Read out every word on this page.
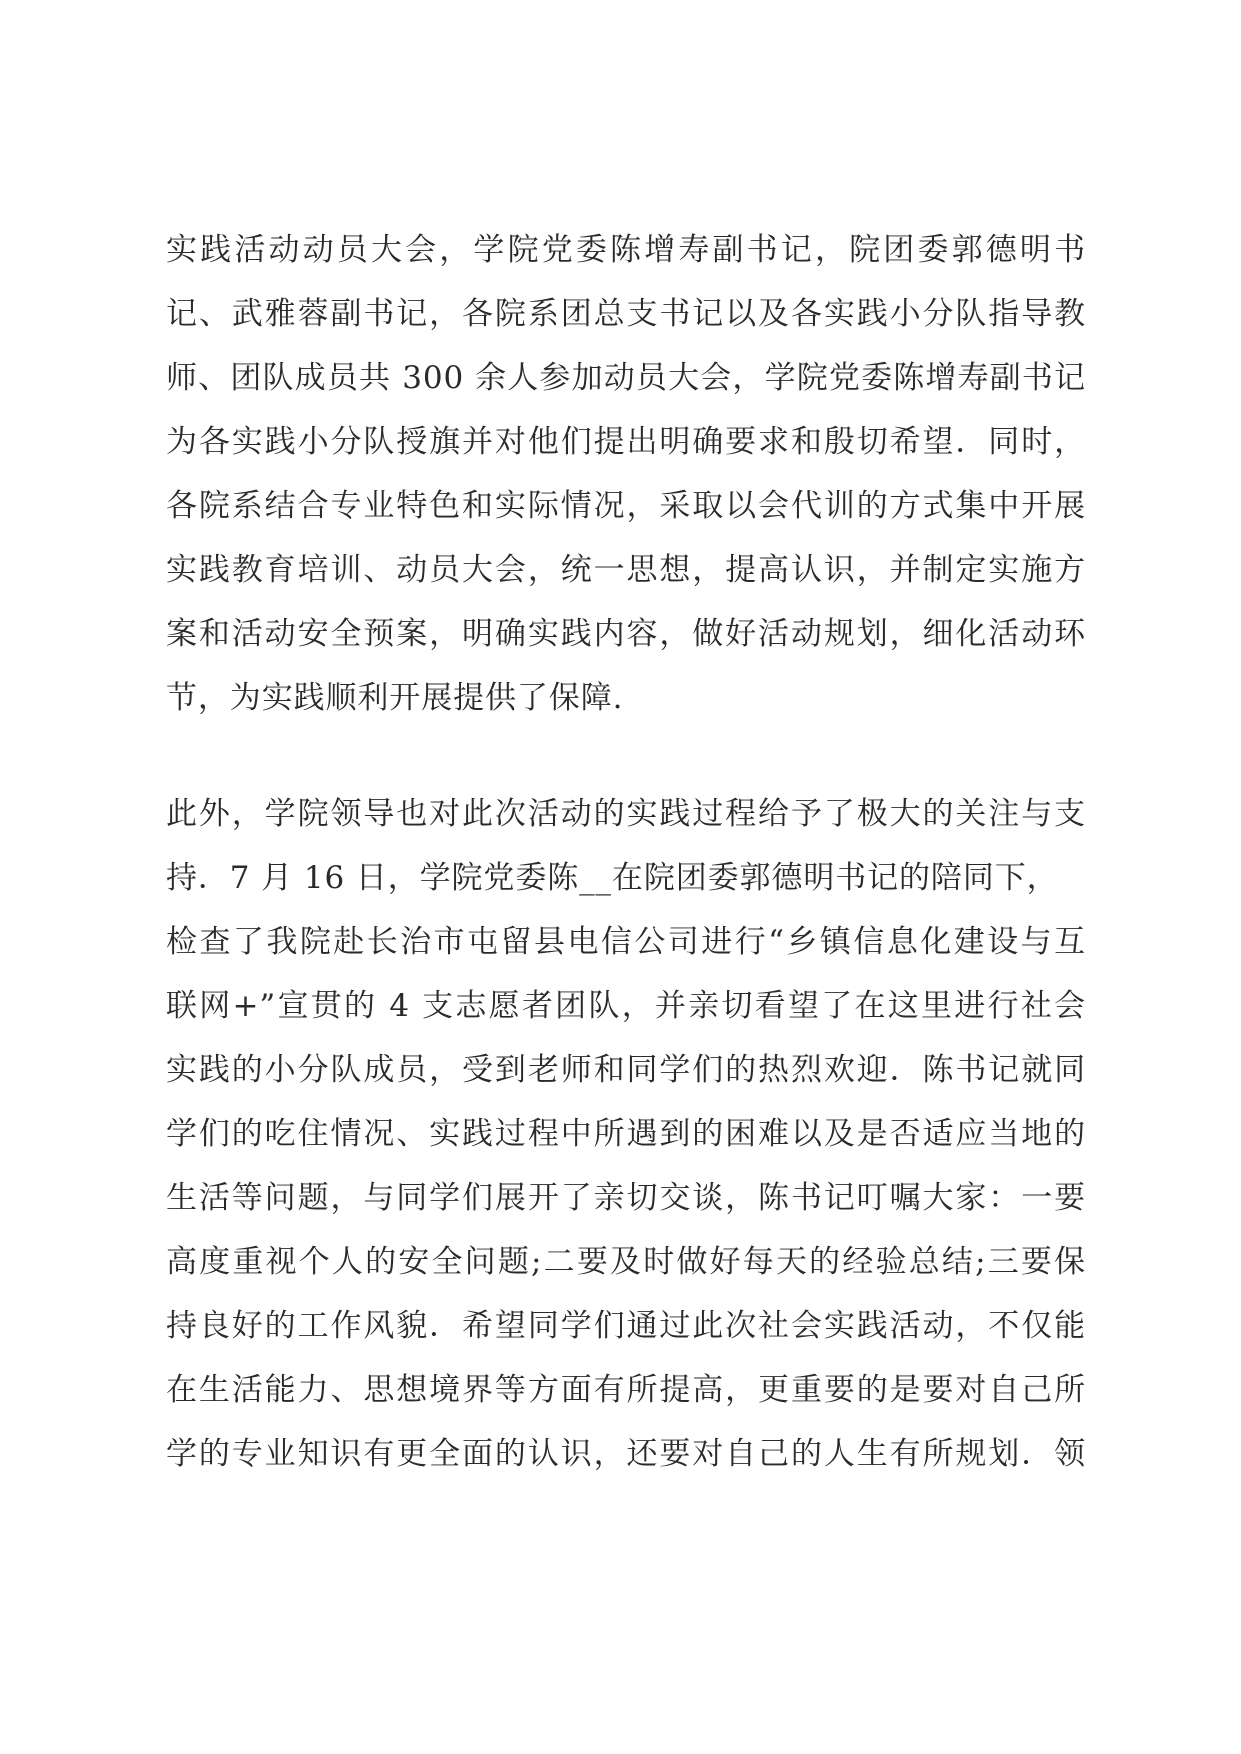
实践活动动员大会，学院党委陈增寿副书记，院团委郭德明书
记、武雅蓉副书记，各院系团总支书记以及各实践小分队指导教
师、团队成员共 300 余人参加动员大会，学院党委陈增寿副书记
为各实践小分队授旗并对他们提出明确要求和殷切希望．同时，
各院系结合专业特色和实际情况，采取以会代训的方式集中开展
实践教育培训、动员大会，统一思想，提高认识，并制定实施方
案和活动安全预案，明确实践内容，做好活动规划，细化活动环
节，为实践顺利开展提供了保障.
此外，学院领导也对此次活动的实践过程给予了极大的关注与支
持．7 月 16 日，学院党委陈__在院团委郭德明书记的陪同下，
检查了我院赴长治市屯留县电信公司进行“乡镇信息化建设与互
联网+”宣贯的 4 支志愿者团队，并亲切看望了在这里进行社会
实践的小分队成员，受到老师和同学们的热烈欢迎．陈书记就同
学们的吃住情况、实践过程中所遇到的困难以及是否适应当地的
生活等问题，与同学们展开了亲切交谈，陈书记叮嘱大家：一要
高度重视个人的安全问题;二要及时做好每天的经验总结;三要保
持良好的工作风貌．希望同学们通过此次社会实践活动，不仅能
在生活能力、思想境界等方面有所提高，更重要的是要对自己所
学的专业知识有更全面的认识，还要对自己的人生有所规划．领
